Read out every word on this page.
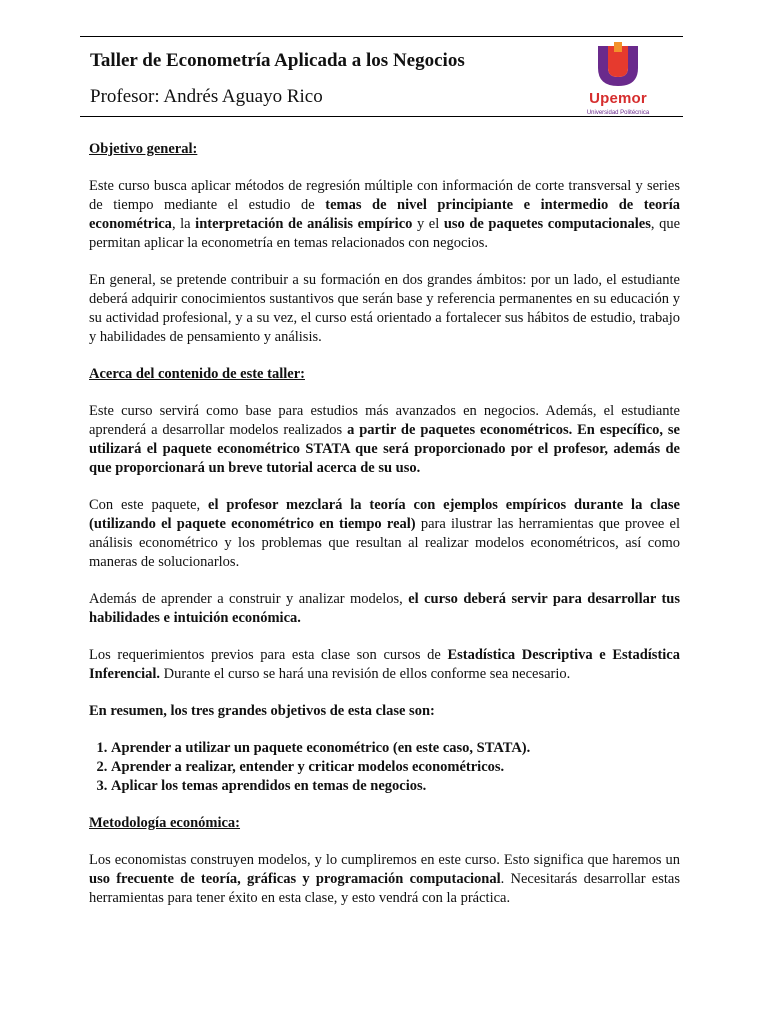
Taller de Econometría Aplicada a los Negocios
Profesor: Andrés Aguayo Rico	Upemor
Universidad Politécnica

Objetivo general:

Este curso busca aplicar métodos de regresión múltiple con información de corte transversal y series de tiempo mediante el estudio de temas de nivel principiante e intermedio de teoría econométrica, la interpretación de análisis empírico y el uso de paquetes computacionales, que permitan aplicar la econometría en temas relacionados con negocios.

En general, se pretende contribuir a su formación en dos grandes ámbitos: por un lado, el estudiante deberá adquirir conocimientos sustantivos que serán base y referencia permanentes en su educación y su actividad profesional, y a su vez, el curso está orientado a fortalecer sus hábitos de estudio, trabajo y habilidades de pensamiento y análisis.

Acerca del contenido de este taller:

Este curso servirá como base para estudios más avanzados en negocios. Además, el estudiante aprenderá a desarrollar modelos realizados a partir de paquetes econométricos. En específico, se utilizará el paquete econométrico STATA que será proporcionado por el profesor, además de que proporcionará un breve tutorial acerca de su uso.

Con este paquete, el profesor mezclará la teoría con ejemplos empíricos durante la clase (utilizando el paquete econométrico en tiempo real) para ilustrar las herramientas que provee el análisis econométrico y los problemas que resultan al realizar modelos econométricos, así como maneras de solucionarlos.

Además de aprender a construir y analizar modelos, el curso deberá servir para desarrollar tus habilidades e intuición económica.

Los requerimientos previos para esta clase son cursos de Estadística Descriptiva e Estadística Inferencial. Durante el curso se hará una revisión de ellos conforme sea necesario.

En resumen, los tres grandes objetivos de esta clase son:

1. Aprender a utilizar un paquete econométrico (en este caso, STATA).
2. Aprender a realizar, entender y criticar modelos econométricos.
3. Aplicar los temas aprendidos en temas de negocios.

Metodología económica:

Los economistas construyen modelos, y lo cumpliremos en este curso. Esto significa que haremos un uso frecuente de teoría, gráficas y programación computacional. Necesitarás desarrollar estas herramientas para tener éxito en esta clase, y esto vendrá con la práctica.
